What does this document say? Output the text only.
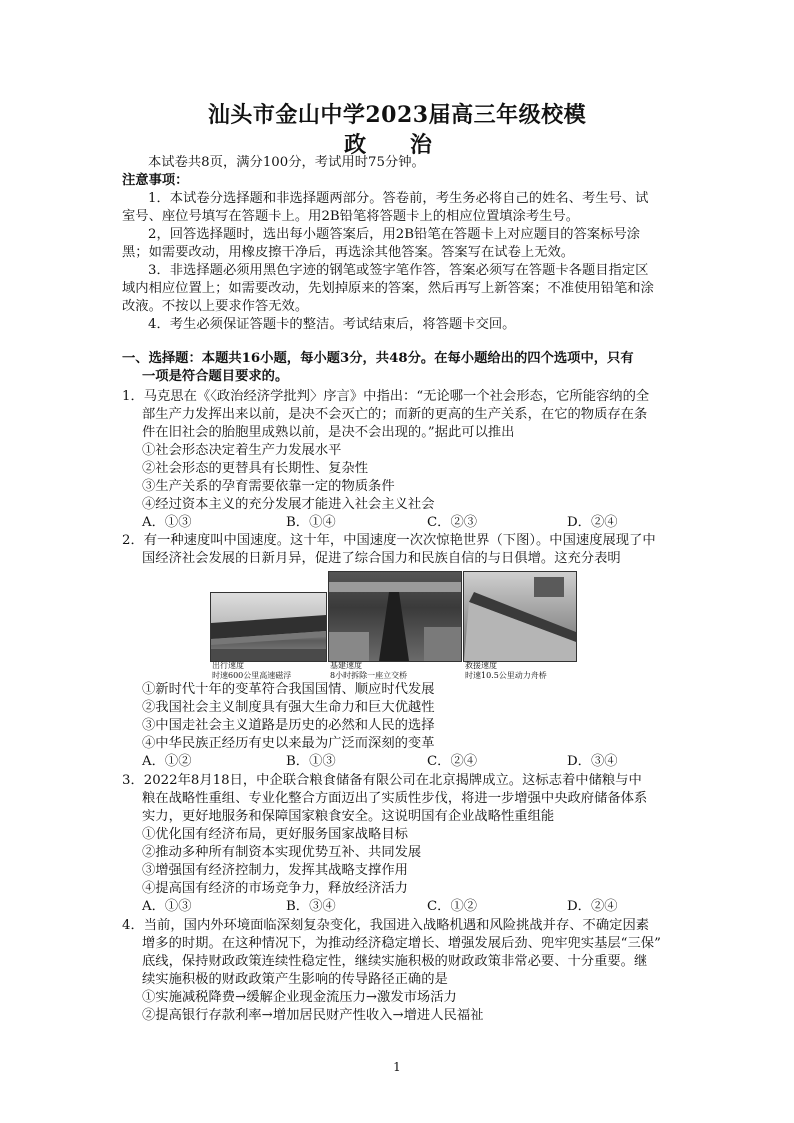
汕头市金山中学2023届高三年级校模
政 治
本试卷共8页，满分100分，考试用时75分钟。
注意事项：
1．本试卷分选择题和非选择题两部分。答卷前，考生务必将自己的姓名、考生号、试
室号、座位号填写在答题卡上。用2B铅笔将答题卡上的相应位置填涂考生号。
2，回答选择题时，选出每小题答案后，用2B铅笔在答题卡上对应题目的答案标号涂
黑；如需要改动，用橡皮擦干净后，再选涂其他答案。答案写在试卷上无效。
3．非选择题必须用黑色字迹的钢笔或签字笔作答，答案必须写在答题卡各题目指定区
域内相应位置上；如需要改动，先划掉原来的答案，然后再写上新答案；不准使用铅笔和涂
改液。不按以上要求作答无效。
4．考生必须保证答题卡的整洁。考试结束后，将答题卡交回。
一、选择题：本题共16小题，每小题3分，共48分。在每小题给出的四个选项中，只有
一项是符合题目要求的。
1．马克思在《〈政治经济学批判〉序言》中指出：“无论哪一个社会形态，它所能容纳的全
部生产力发挥出来以前，是决不会灭亡的；而新的更高的生产关系，在它的物质存在条
件在旧社会的胎胞里成熟以前，是决不会出现的。”据此可以推出
①社会形态决定着生产力发展水平
②社会形态的更替具有长期性、复杂性
③生产关系的孕育需要依靠一定的物质条件
④经过资本主义的充分发展才能进入社会主义社会
A．①③	B．①④	C．②③	D．②④
2．有一种速度叫中国速度。这十年，中国速度一次次惊艳世界（下图）。中国速度展现了中
国经济社会发展的日新月异，促进了综合国力和民族自信的与日俱增。这充分表明
出行速度
时速600公里高速磁浮
基建速度
8小时拆除一座立交桥
救援速度
时速10.5公里动力舟桥
①新时代十年的变革符合我国国情、顺应时代发展
②我国社会主义制度具有强大生命力和巨大优越性
③中国走社会主义道路是历史的必然和人民的选择
④中华民族正经历有史以来最为广泛而深刻的变革
A．①②	B．①③	C．②④	D．③④
3．2022年8月18日，中企联合粮食储备有限公司在北京揭牌成立。这标志着中储粮与中
粮在战略性重组、专业化整合方面迈出了实质性步伐，将进一步增强中央政府储备体系
实力，更好地服务和保障国家粮食安全。这说明国有企业战略性重组能
①优化国有经济布局，更好服务国家战略目标
②推动多种所有制资本实现优势互补、共同发展
③增强国有经济控制力，发挥其战略支撑作用
④提高国有经济的市场竞争力，释放经济活力
A．①③	B．③④	C．①②	D．②④
4．当前，国内外环境面临深刻复杂变化，我国进入战略机遇和风险挑战并存、不确定因素
增多的时期。在这种情况下，为推动经济稳定增长、增强发展后劲、兜牢兜实基层“三保”
底线，保持财政政策连续性稳定性，继续实施积极的财政政策非常必要、十分重要。继
续实施积极的财政政策产生影响的传导路径正确的是
①实施减税降费→缓解企业现金流压力→激发市场活力
②提高银行存款利率→增加居民财产性收入→增进人民福祉
1
